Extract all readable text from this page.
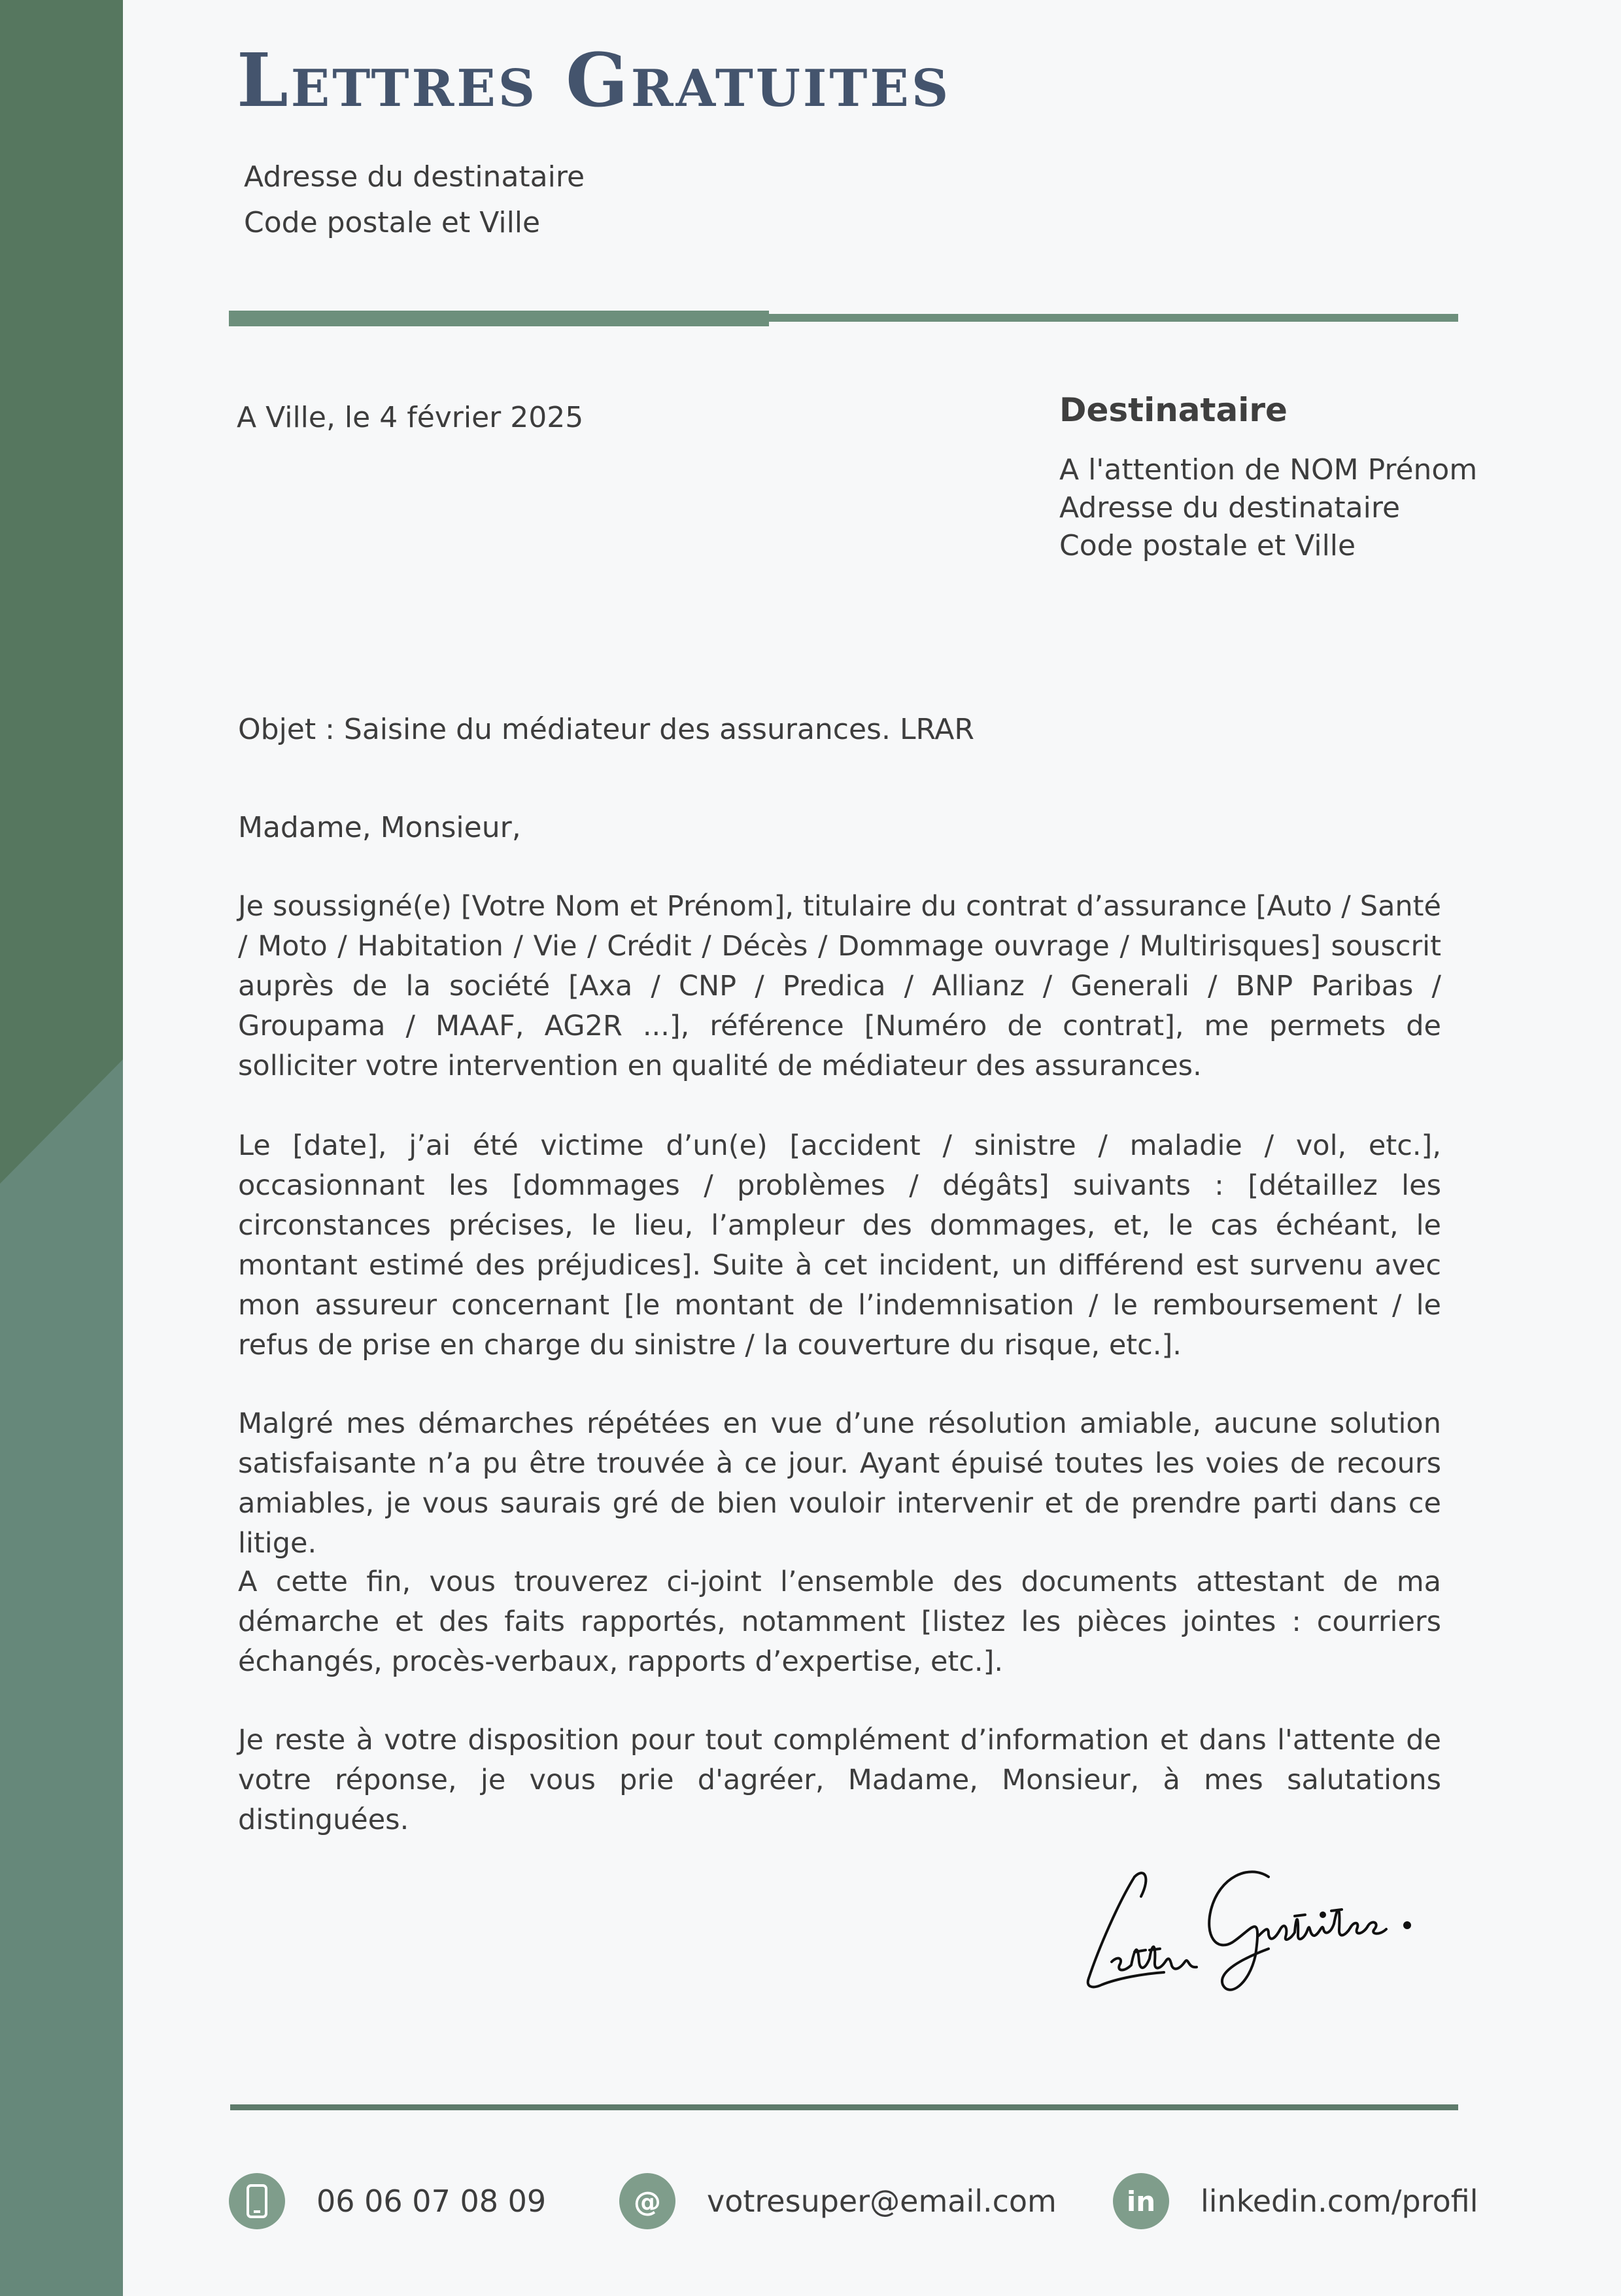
Lettres Gratuites
Adresse du destinataire
Code postale et Ville
A Ville, le 4 février 2025	Destinataire
A l'attention de NOM Prénom
Adresse du destinataire
Code postale et Ville
Objet : Saisine du médiateur des assurances. LRAR
Madame, Monsieur,
Je soussigné(e) [Votre Nom et Prénom], titulaire du contrat d’assurance [Auto / Santé / Moto / Habitation / Vie / Crédit / Décès / Dommage ouvrage / Multirisques] souscrit auprès de la société [Axa / CNP / Predica / Allianz / Generali / BNP Paribas / Groupama / MAAF, AG2R ...], référence [Numéro de contrat], me permets de solliciter votre intervention en qualité de médiateur des assurances.
Le [date], j’ai été victime d’un(e) [accident / sinistre / maladie / vol, etc.], occasionnant les [dommages / problèmes / dégâts] suivants : [détaillez les circonstances précises, le lieu, l’ampleur des dommages, et, le cas échéant, le montant estimé des préjudices]. Suite à cet incident, un différend est survenu avec mon assureur concernant [le montant de l’indemnisation / le remboursement / le refus de prise en charge du sinistre / la couverture du risque, etc.].
Malgré mes démarches répétées en vue d’une résolution amiable, aucune solution satisfaisante n’a pu être trouvée à ce jour. Ayant épuisé toutes les voies de recours amiables, je vous saurais gré de bien vouloir intervenir et de prendre parti dans ce litige.
A cette fin, vous trouverez ci-joint l’ensemble des documents attestant de ma démarche et des faits rapportés, notamment [listez les pièces jointes : courriers échangés, procès-verbaux, rapports d’expertise, etc.].
Je reste à votre disposition pour tout complément d’information et dans l'attente de votre réponse, je vous prie d'agréer, Madame, Monsieur, à mes salutations distinguées.
06 06 07 08 09	@	votresuper@email.com	in	linkedin.com/profil
